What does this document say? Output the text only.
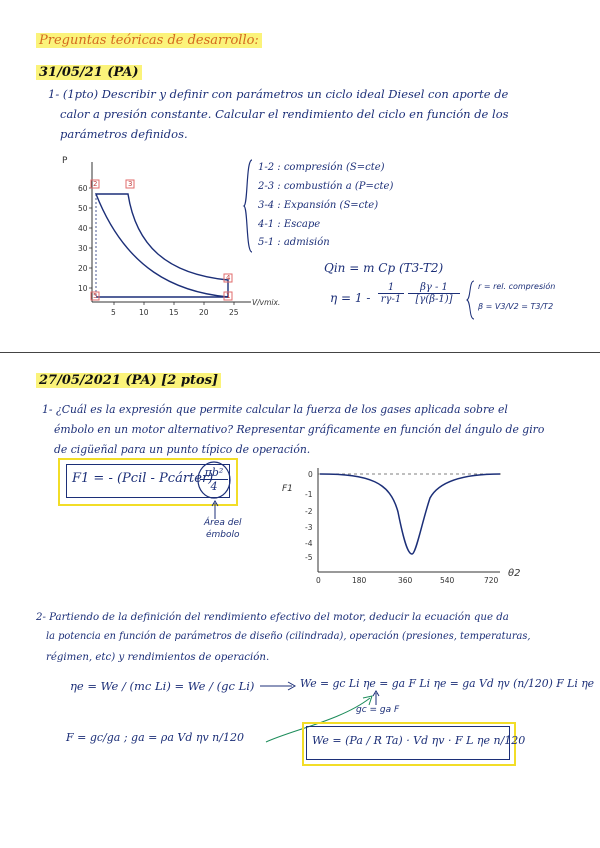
Preguntas teóricas de desarrollo:
31/05/21 (PA)
1- (1pto) Describir y definir con parámetros un ciclo ideal Diesel con aporte de
calor a presión constante. Calcular el rendimiento del ciclo en función de los
parámetros definidos.
P
60
50
40
30
20
10
5	10	15	20	25
V/vmix.
2	3
4
1
5
1-2 : compresión (S=cte)
2-3 : combustión a (P=cte)
3-4 : Expansión (S=cte)
4-1 : Escape
5-1 : admisión
Qin = m Cp (T3-T2)
$\eta = 1 - \frac{1}{r\gamma-1} \frac{\beta\gamma - 1}{[\gamma(\beta-1)]}$ r = rel. compresión
β = V3/V2 = T3/T2
27/05/2021 (PA) [2 ptos]
1- ¿Cuál es la expresión que permite calcular la fuerza de los gases aplicada sobre el
émbolo en un motor alternativo? Representar gráficamente en función del ángulo de giro
de cigüeñal para un punto típico de operación.
F1 = - (Pcil - Pcárter)
$\frac{\text{πb²}}{4}$
Área del
émbolo
F1
0
-1
-2
-3
-4
-5
0	180	360	540	720
θ2
2- Partiendo de la definición del rendimiento efectivo del motor, deducir la ecuación que da
la potencia en función de parámetros de diseño (cilindrada), operación (presiones, temperaturas,
régimen, etc) y rendimientos de operación.
ηe = We / (mc Li) = We / (gc Li)	We = gc Li ηe = ga F Li ηe = ga Vd ηv (n/120) F Li ηe
gc = ga F
F = gc/ga ; ga = ρa Vd ηv n/120	We = (Pa / R Ta) · Vd ηv · F L ηe n/120
